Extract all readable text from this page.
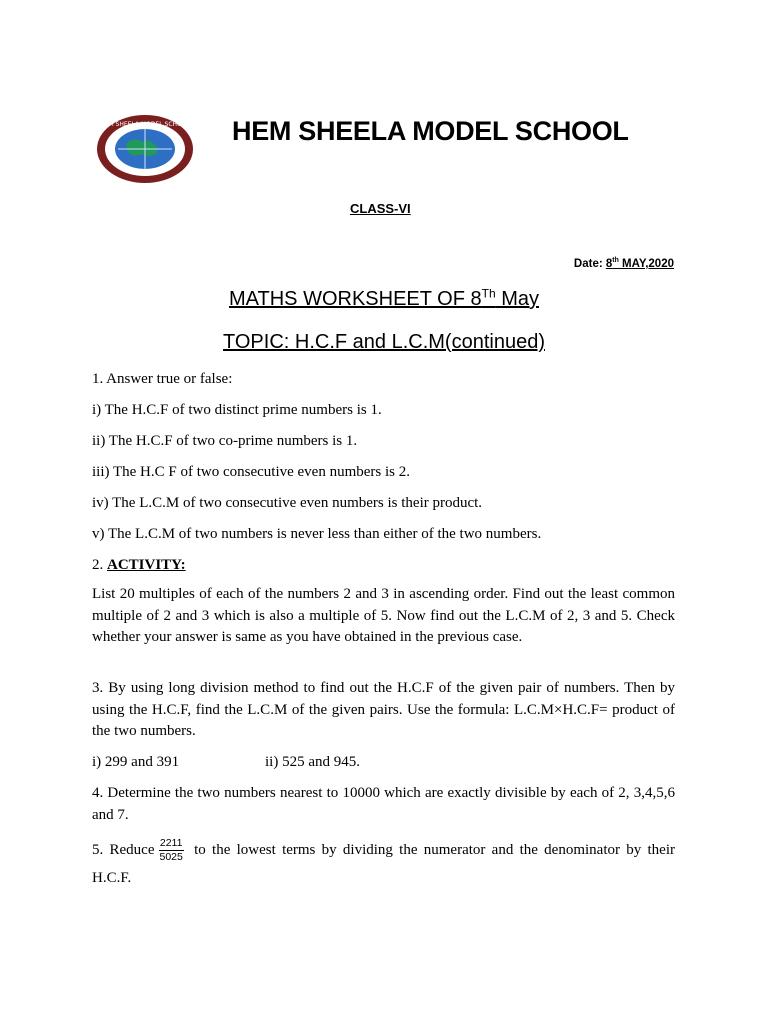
HEM SHEELA MODEL SCHOOL HEM SHEELA MODEL SCHOOL
CLASS-VI
Date: 8th MAY,2020
MATHS WORKSHEET OF 8Th May
TOPIC: H.C.F and L.C.M(continued)
1. Answer true or false:
i) The H.C.F of two distinct prime numbers is 1.
ii) The H.C.F of two co-prime numbers is 1.
iii) The H.C F of two consecutive even numbers is 2.
iv) The L.C.M of two consecutive even numbers is their product.
v) The L.C.M of two numbers is never less than either of the two numbers.
2. ACTIVITY:
List 20 multiples of each of the numbers 2 and 3 in ascending order. Find out the least common multiple of 2 and 3 which is also a multiple of 5. Now find out the L.C.M of 2, 3 and 5. Check whether your answer is same as you have obtained in the previous case.
3. By using long division method to find out the H.C.F of the given pair of numbers. Then by using the H.C.F, find the L.C.M of the given pairs. Use the formula: L.C.M×H.C.F= product of the two numbers.
i) 299 and 391	ii) 525 and 945.
4. Determine the two numbers nearest to 10000 which are exactly divisible by each of 2, 3,4,5,6 and 7.
5. Reduce $\frac{2211}{5025}$ to the lowest terms by dividing the numerator and the denominator by their H.C.F.
